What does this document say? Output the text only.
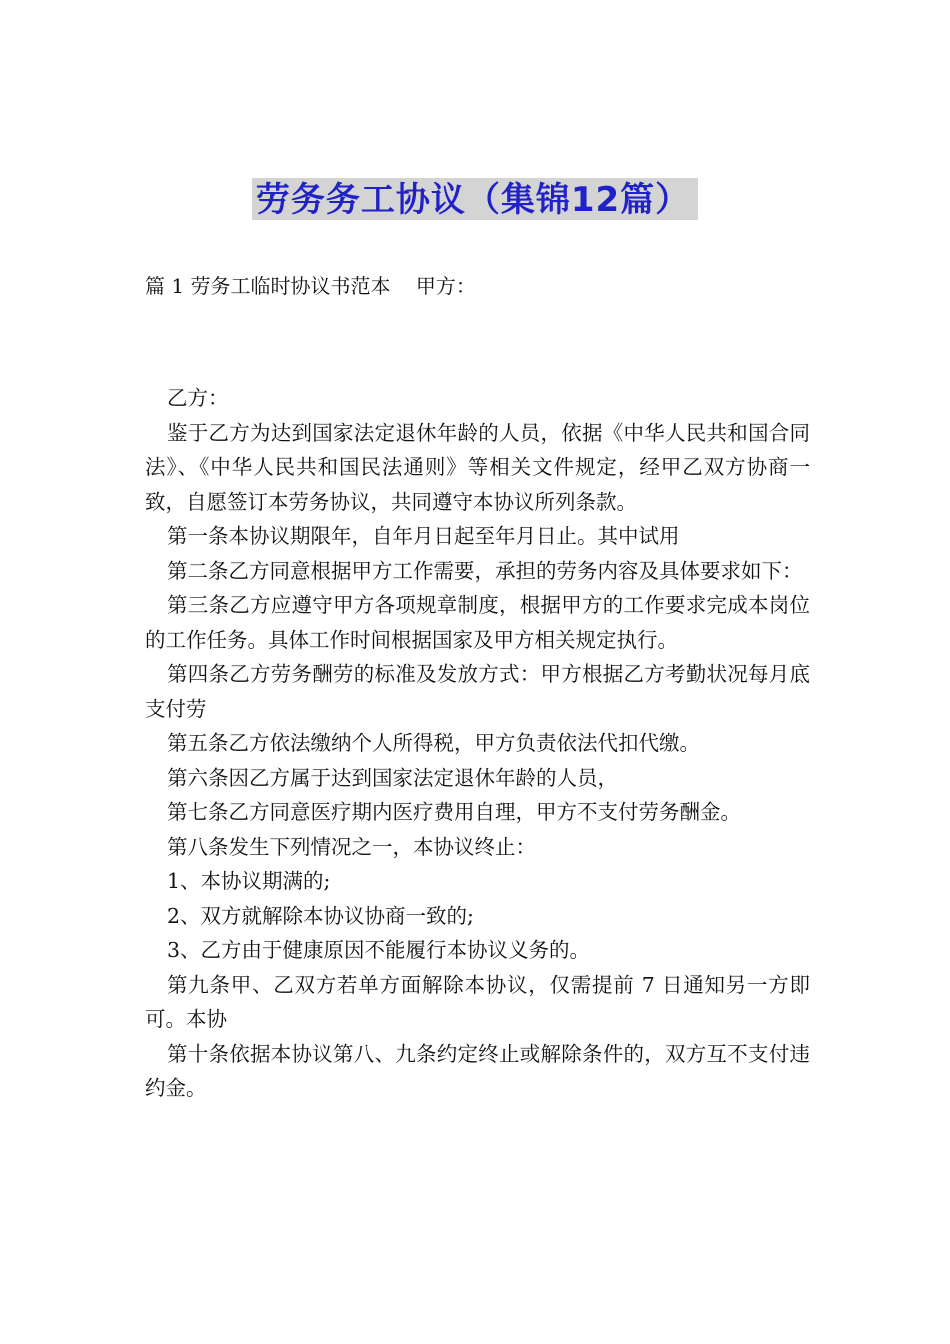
劳务务工协议（集锦12篇）
篇 1 劳务工临时协议书范本    甲方：

乙方：

鉴于乙方为达到国家法定退休年龄的人员，依据《中华人民共和国合同法》、《中华人民共和国民法通则》等相关文件规定，经甲乙双方协商一致，自愿签订本劳务协议，共同遵守本协议所列条款。

第一条本协议期限年，自年月日起至年月日止。其中试用

第二条乙方同意根据甲方工作需要，承担的劳务内容及具体要求如下：

第三条乙方应遵守甲方各项规章制度，根据甲方的工作要求完成本岗位的工作任务。具体工作时间根据国家及甲方相关规定执行。

第四条乙方劳务酬劳的标准及发放方式：甲方根据乙方考勤状况每月底支付劳

第五条乙方依法缴纳个人所得税，甲方负责依法代扣代缴。

第六条因乙方属于达到国家法定退休年龄的人员，

第七条乙方同意医疗期内医疗费用自理，甲方不支付劳务酬金。

第八条发生下列情况之一，本协议终止：

1、本协议期满的;

2、双方就解除本协议协商一致的;

3、乙方由于健康原因不能履行本协议义务的。

第九条甲、乙双方若单方面解除本协议，仅需提前 7 日通知另一方即可。本协

第十条依据本协议第八、九条约定终止或解除条件的，双方互不支付违约金。
